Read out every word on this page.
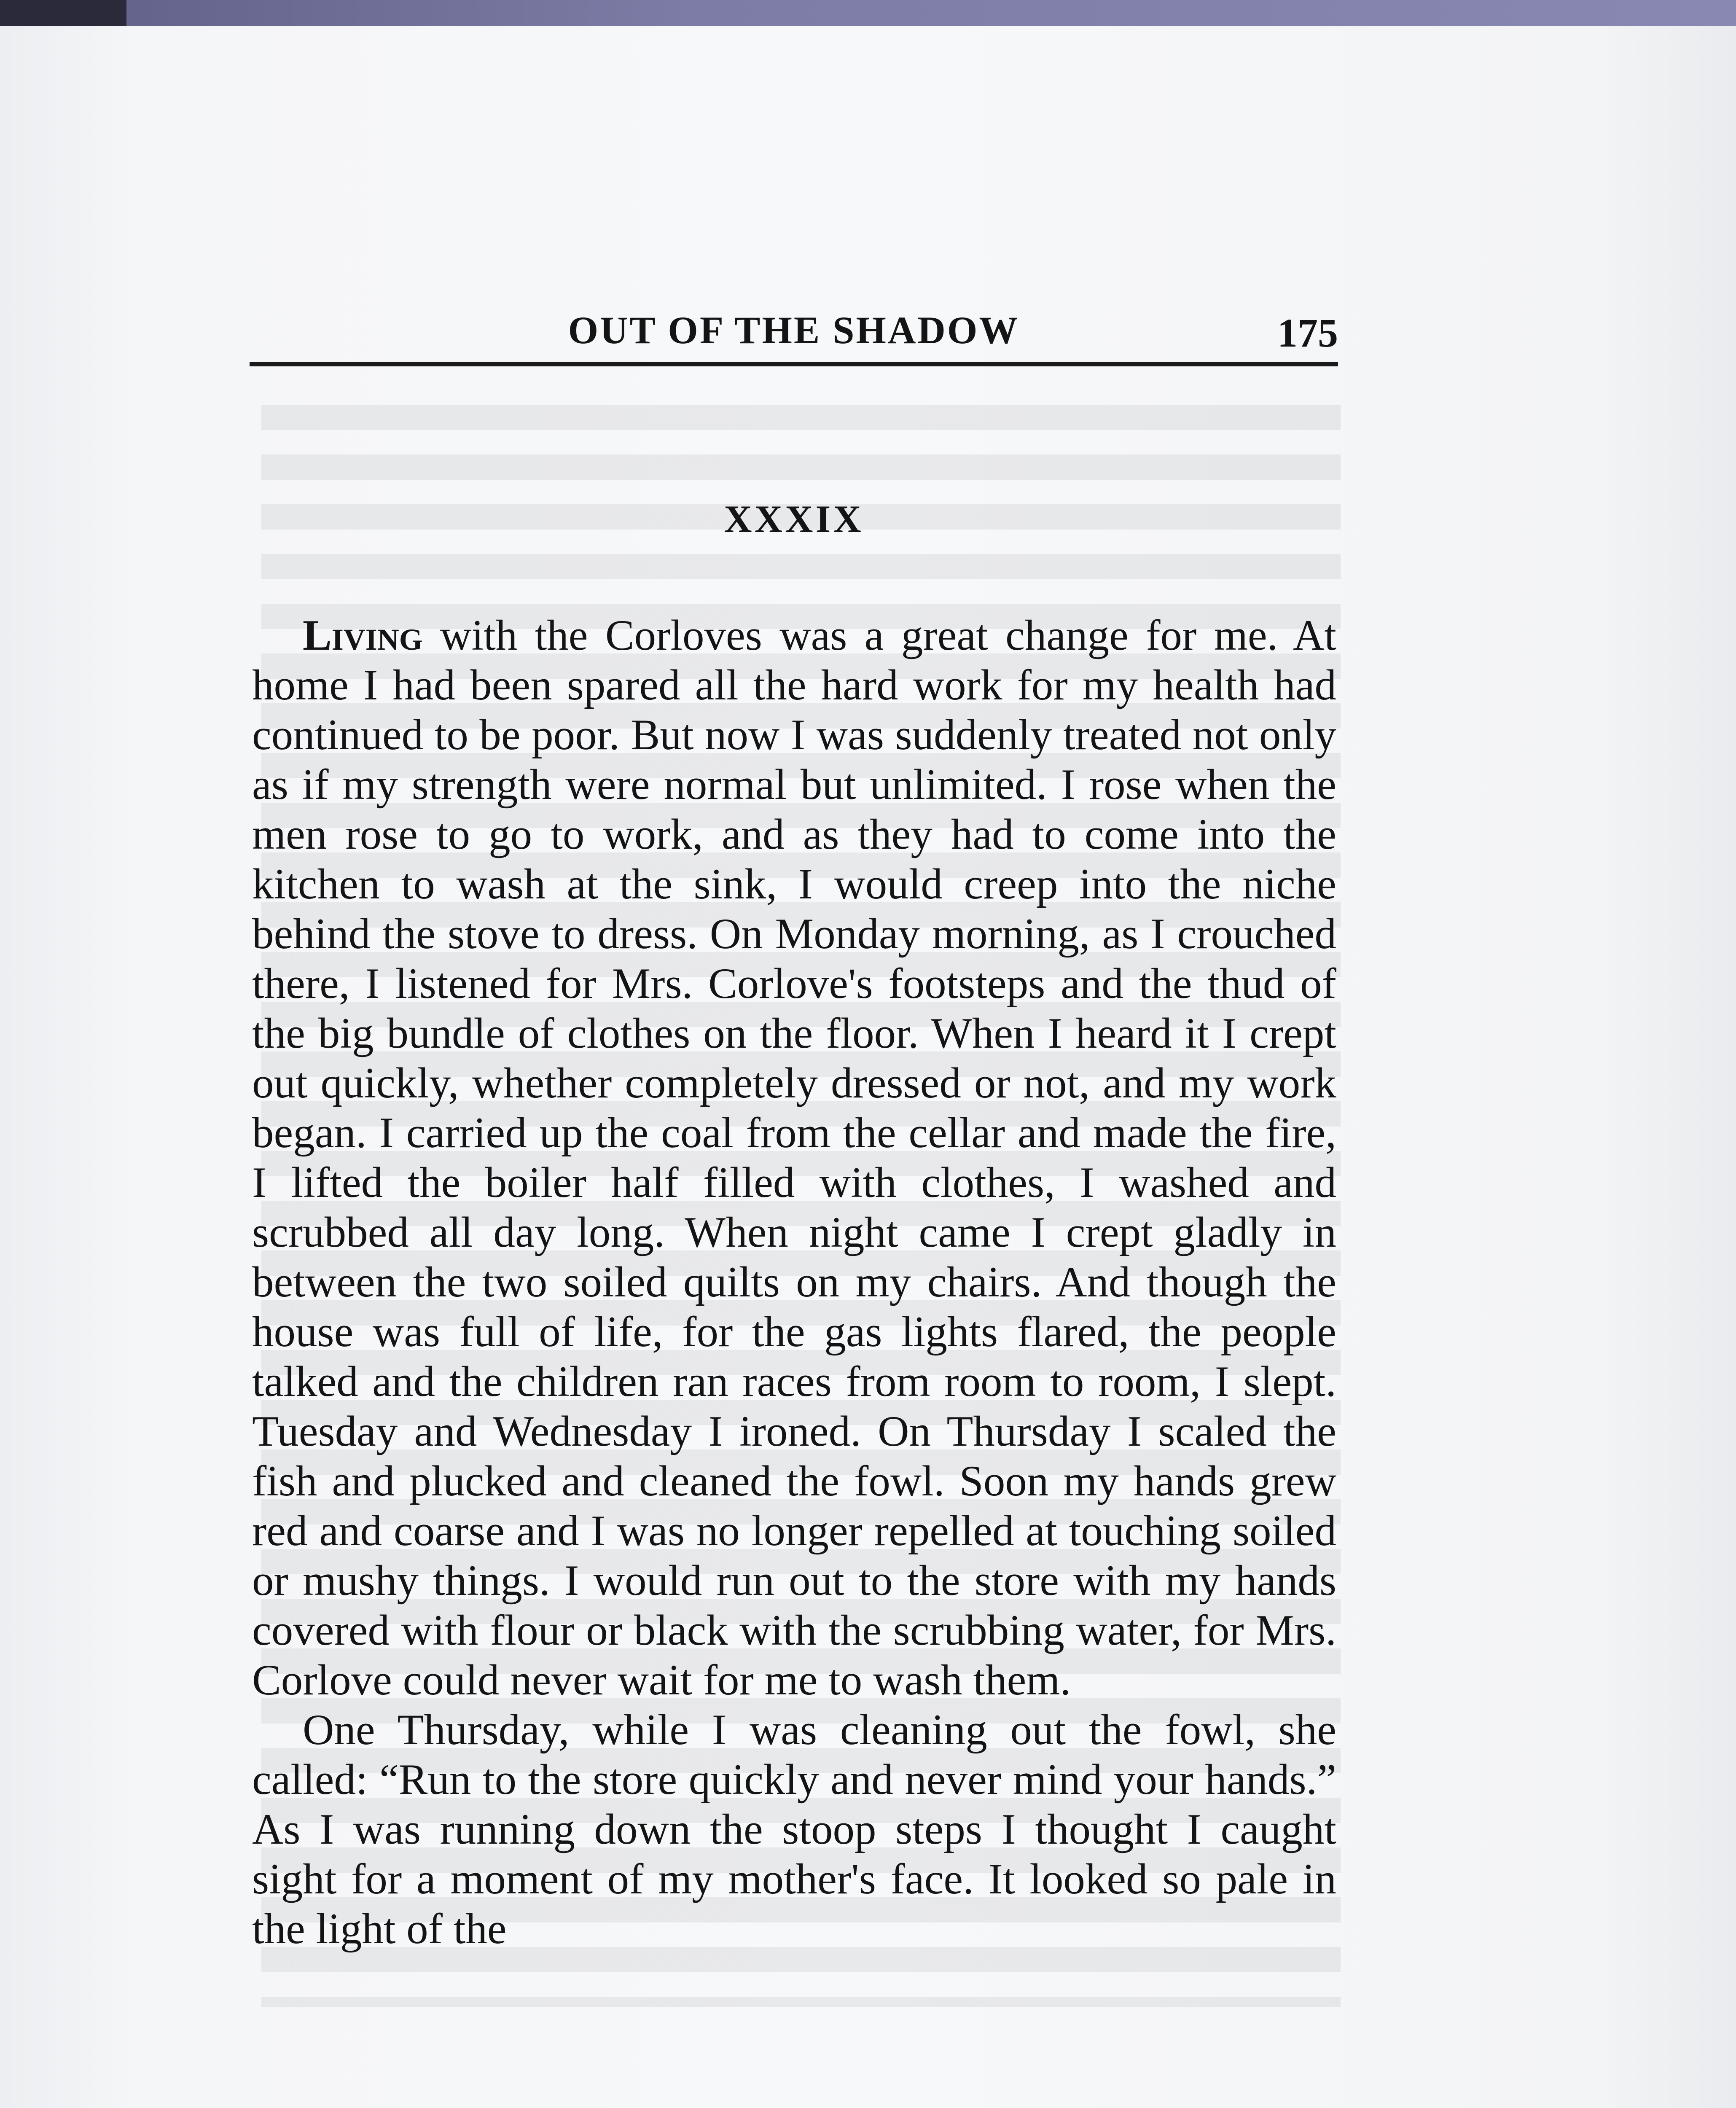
OUT OF THE SHADOW	175
XXXIX

Living with the Corloves was a great change for me. At home I had been spared all the hard work for my health had continued to be poor. But now I was suddenly treated not only as if my strength were normal but unlimited. I rose when the men rose to go to work, and as they had to come into the kitchen to wash at the sink, I would creep into the niche behind the stove to dress. On Monday morning, as I crouched there, I listened for Mrs. Corlove's footsteps and the thud of the big bundle of clothes on the floor. When I heard it I crept out quickly, whether completely dressed or not, and my work began. I carried up the coal from the cellar and made the fire, I lifted the boiler half filled with clothes, I washed and scrubbed all day long. When night came I crept gladly in between the two soiled quilts on my chairs. And though the house was full of life, for the gas lights flared, the people talked and the children ran races from room to room, I slept. Tuesday and Wednesday I ironed. On Thursday I scaled the fish and plucked and cleaned the fowl. Soon my hands grew red and coarse and I was no longer repelled at touching soiled or mushy things. I would run out to the store with my hands covered with flour or black with the scrubbing water, for Mrs. Corlove could never wait for me to wash them.

One Thursday, while I was cleaning out the fowl, she called: “Run to the store quickly and never mind your hands.” As I was running down the stoop steps I thought I caught sight for a moment of my mother's face. It looked so pale in the light of the
